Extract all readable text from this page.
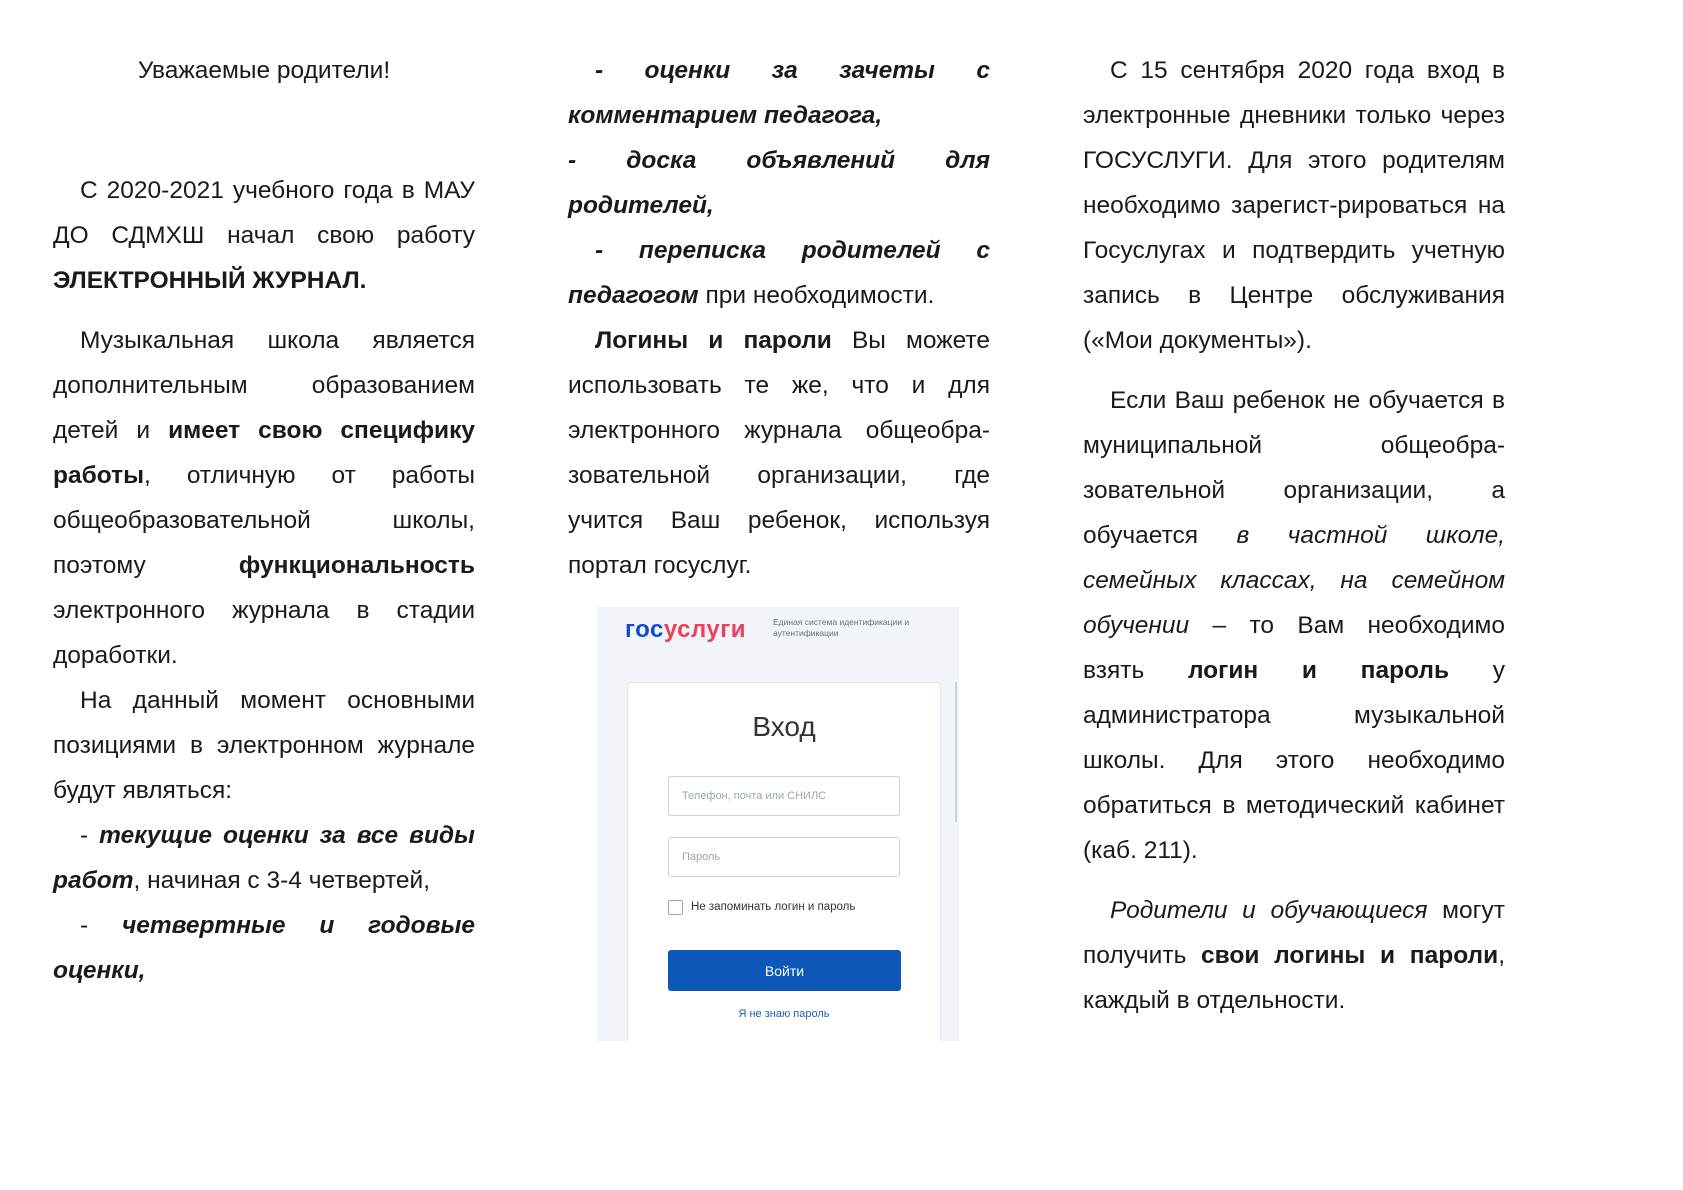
Уважаемые родители!

С 2020-2021 учебного года в МАУ ДО СДМХШ начал свою работу ЭЛЕКТРОННЫЙ ЖУРНАЛ.

Музыкальная школа является дополнительным образованием детей и имеет свою специфику работы, отличную от работы общеобразовательной школы, поэтому функциональность электронного журнала в стадии доработки.

На данный момент основными позициями в электронном журнале будут являться:

- текущие оценки за все виды работ, начиная с 3-4 четвертей,

- четвертные и годовые оценки,

- оценки за зачеты с комментарием педагога,

- доска объявлений для родителей,

- переписка родителей с педагогом при необходимости.

Логины и пароли Вы можете использовать те же, что и для электронного журнала общеобра-зовательной организации, где учится Ваш ребенок, используя портал госуслуг.

госуслуги	Единая система идентификации и аутентификации
Вход
Телефон, почта или СНИЛС
Пароль
Не запоминать логин и пароль
Войти
Я не знаю пароль

С 15 сентября 2020 года вход в электронные дневники только через ГОСУСЛУГИ. Для этого родителям необходимо зарегист-рироваться на Госуслугах и подтвердить учетную запись в Центре обслуживания («Мои документы»).

Если Ваш ребенок не обучается в муниципальной общеобра-зовательной организации, а обучается в частной школе, семейных классах, на семейном обучении – то Вам необходимо взять логин и пароль у администратора музыкальной школы. Для этого необходимо обратиться в методический кабинет (каб. 211).

Родители и обучающиеся могут получить свои логины и пароли, каждый в отдельности.
